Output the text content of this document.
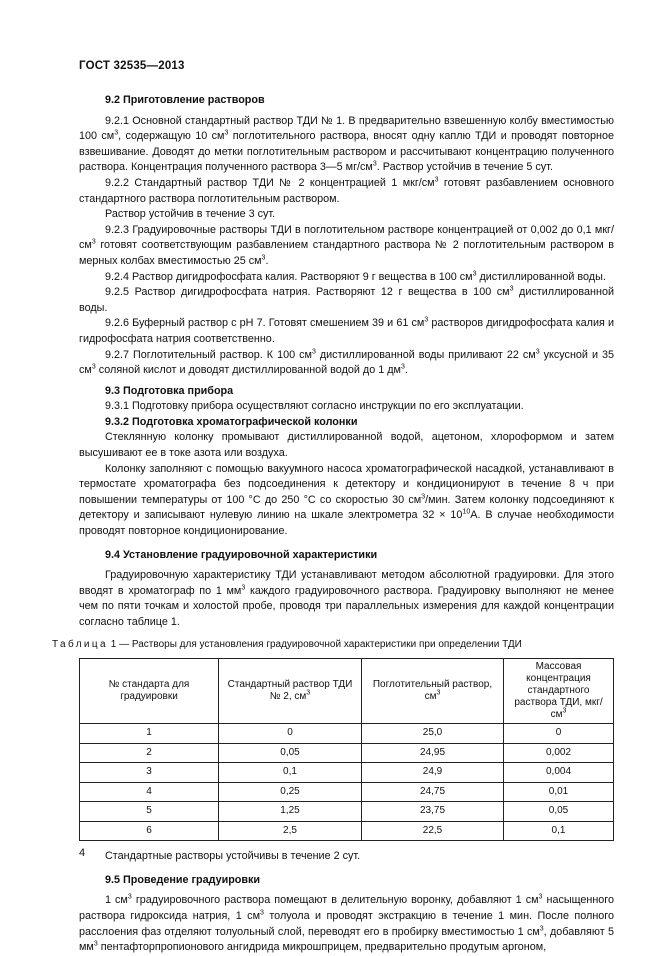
ГОСТ 32535—2013

9.2 Приготовление растворов

9.2.1 Основной стандартный раствор ТДИ № 1. В предварительно взвешенную колбу вместимостью 100 $см^3$, содержащую 10 $см^3$ поглотительного раствора, вносят одну каплю ТДИ и проводят повторное взвешивание. Доводят до метки поглотительным раствором и рассчитывают концентрацию полученного раствора. Концентрация полученного раствора 3—5 $мг/см^3$. Раствор устойчив в течение 5 сут.

9.2.2 Стандартный раствор ТДИ № 2 концентрацией 1 мкг/$см^3$ готовят разбавлением основного стандартного раствора поглотительным раствором.

Раствор устойчив в течение 3 сут.

9.2.3 Градуировочные растворы ТДИ в поглотительном растворе концентрацией от 0,002 до 0,1 мкг/$см^3$ готовят соответствующим разбавлением стандартного раствора № 2 поглотительным раствором в мерных колбах вместимостью 25 $см^3$.

9.2.4 Раствор дигидрофосфата калия. Растворяют 9 г вещества в 100 $см^3$ дистиллированной воды.

9.2.5 Раствор дигидрофосфата натрия. Растворяют 12 г вещества в 100 $см^3$ дистиллированной воды.

9.2.6 Буферный раствор с рН 7. Готовят смешением 39 и 61 $см^3$ растворов дигидрофосфата калия и гидрофосфата натрия соответственно.

9.2.7 Поглотительный раствор. К 100 $см^3$ дистиллированной воды приливают 22 $см^3$ уксусной и 35 $см^3$ соляной кислот и доводят дистиллированной водой до 1 $дм^3$.

9.3 Подготовка прибора

9.3.1 Подготовку прибора осуществляют согласно инструкции по его эксплуатации.

9.3.2 Подготовка хроматографической колонки

Стеклянную колонку промывают дистиллированной водой, ацетоном, хлороформом и затем высушивают ее в токе азота или воздуха.

Колонку заполняют с помощью вакуумного насоса хроматографической насадкой, устанавливают в термостате хроматографа без подсоединения к детектору и кондиционируют в течение 8 ч при повышении температуры от 100 °С до 250 °С со скоростью 30 $см^3$/мин. Затем колонку подсоединяют к детектору и записывают нулевую линию на шкале электрометра $32 \times 10^{10}А$. В случае необходимости проводят повторное кондиционирование.

9.4 Установление градуировочной характеристики

Градуировочную характеристику ТДИ устанавливают методом абсолютной градуировки. Для этого вводят в хроматограф по 1 $мм^3$ каждого градуировочного раствора. Градуировку выполняют не менее чем по пяти точкам и холостой пробе, проводя три параллельных измерения для каждой концентрации согласно таблице 1.

Таблица 1 — Растворы для установления градуировочной характеристики при определении ТДИ
№ стандарта для градуировки	Стандартный раствор ТДИ № 2, $см^3$	Поглотительный раствор, $см^3$	Массовая концентрация стандартного раствора ТДИ, мкг/$см^3$
1	0	25,0	0
2	0,05	24,95	0,002
3	0,1	24,9	0,004
4	0,25	24,75	0,01
5	1,25	23,75	0,05
6	2,5	22,5	0,1

Стандартные растворы устойчивы в течение 2 сут.

9.5 Проведение градуировки

1 $см^3$ градуировочного раствора помещают в делительную воронку, добавляют 1 $см^3$ насыщенного раствора гидроксида натрия, 1 $см^3$ толуола и проводят экстракцию в течение 1 мин. После полного расслоения фаз отделяют толуольный слой, переводят его в пробирку вместимостью 1 $см^3$, добавляют 5 $мм^3$ пентафторпропионового ангидрида микрошприцем, предварительно продутым аргоном,

4
